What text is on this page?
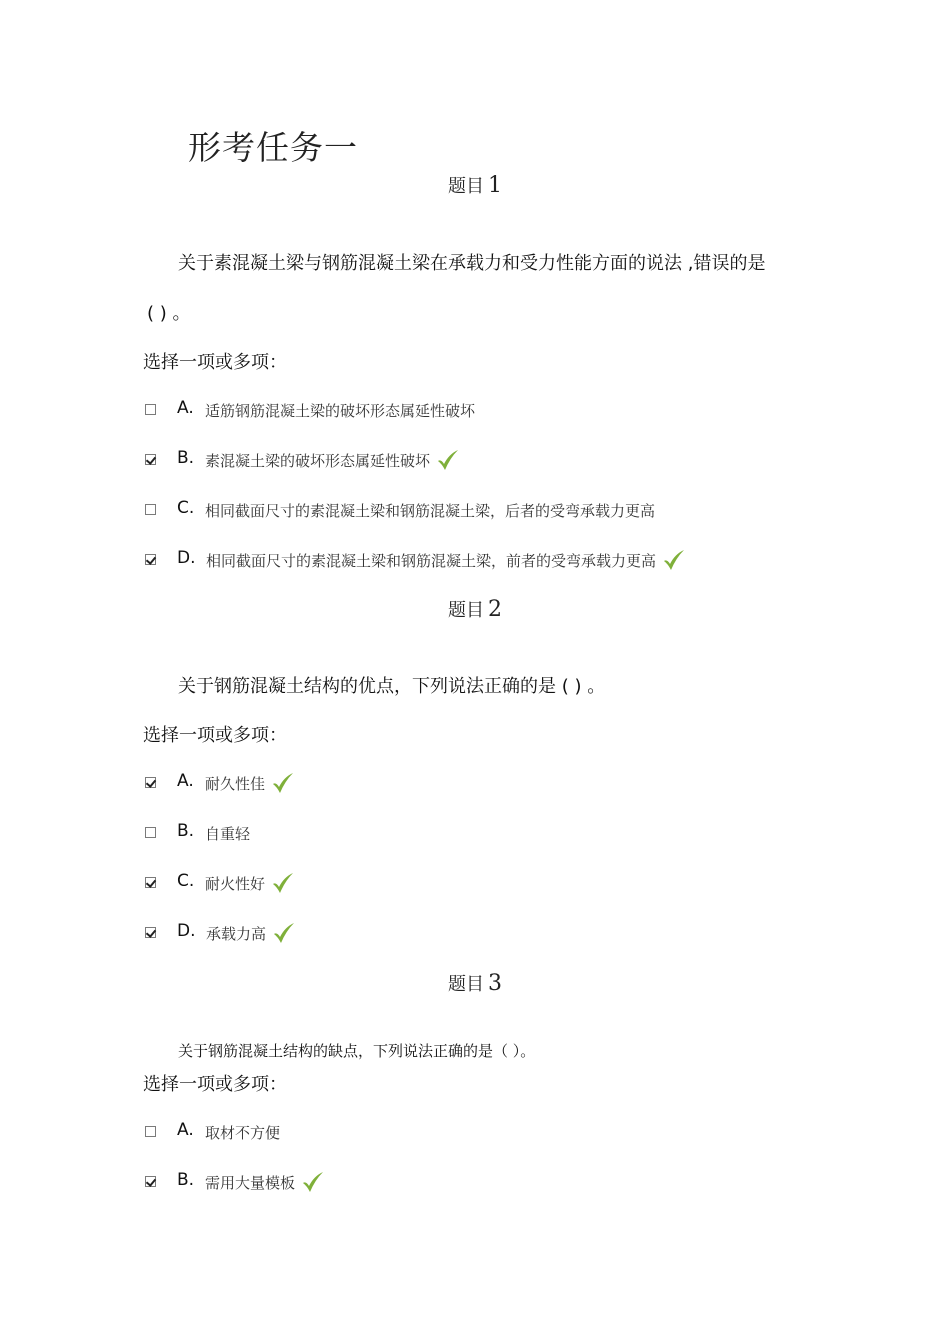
形考任务一
题目 1
关于素混凝土梁与钢筋混凝土梁在承载力和受力性能方面的说法 ,错误的是
( ) 。
选择一项或多项：
A. 适筋钢筋混凝土梁的破坏形态属延性破坏
B. 素混凝土梁的破坏形态属延性破坏
C. 相同截面尺寸的素混凝土梁和钢筋混凝土梁，后者的受弯承载力更高
D. 相同截面尺寸的素混凝土梁和钢筋混凝土梁，前者的受弯承载力更高
题目 2
关于钢筋混凝土结构的优点，下列说法正确的是 ( ) 。
选择一项或多项：
A. 耐久性佳
B. 自重轻
C. 耐火性好
D. 承载力高
题目 3
关于钢筋混凝土结构的缺点，下列说法正确的是（ ）。
选择一项或多项：
A. 取材不方便
B. 需用大量模板
